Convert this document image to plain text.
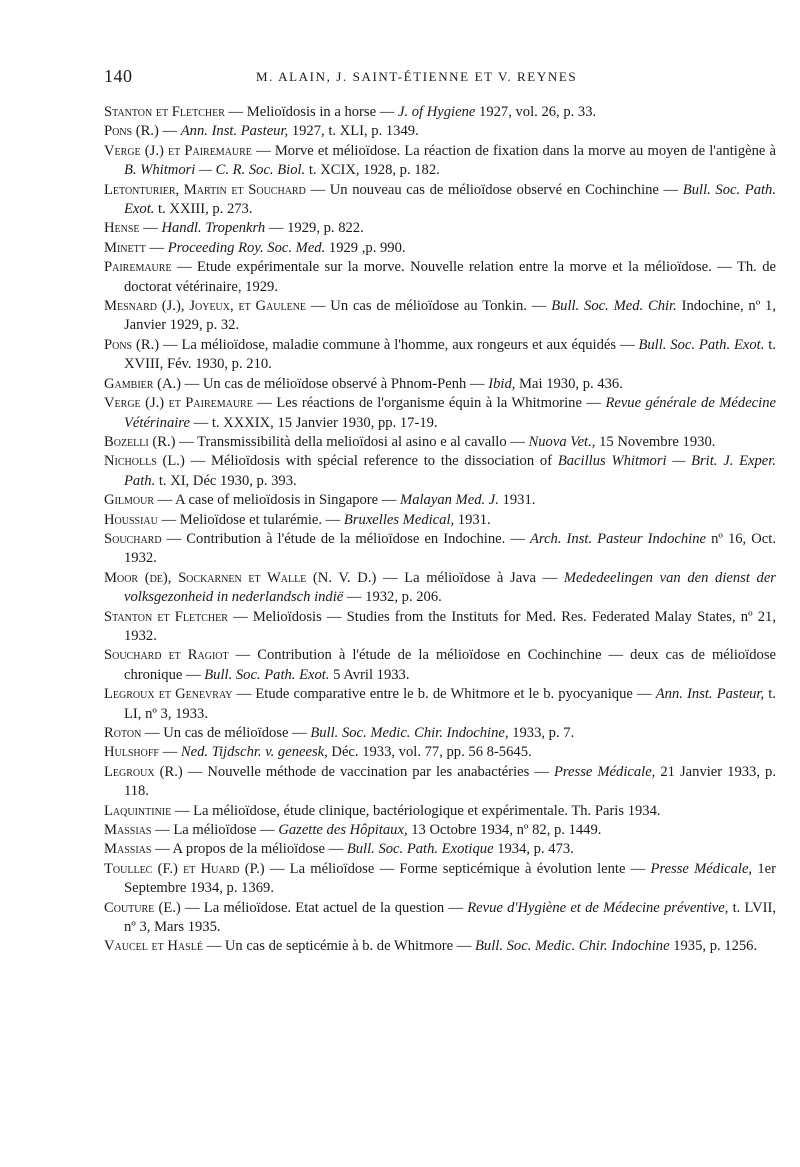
140	M. ALAIN, J. SAINT-ÉTIENNE ET V. REYNES

Stanton et Fletcher — Melioïdosis in a horse — J. of Hygiene 1927, vol. 26, p. 33.

Pons (R.) — Ann. Inst. Pasteur, 1927, t. XLI, p. 1349.

Verge (J.) et Pairemaure — Morve et mélioïdose. La réaction de fixation dans la morve au moyen de l'antigène à B. Whitmori — C. R. Soc. Biol. t. XCIX, 1928, p. 182.

Letonturier, Martin et Souchard — Un nouveau cas de mélioïdose observé en Cochinchine — Bull. Soc. Path. Exot. t. XXIII, p. 273.

Hense — Handl. Tropenkrh — 1929, p. 822.

Minett — Proceeding Roy. Soc. Med. 1929 ,p. 990.

Pairemaure — Etude expérimentale sur la morve. Nouvelle relation entre la morve et la mélioïdose. — Th. de doctorat vétérinaire, 1929.

Mesnard (J.), Joyeux, et Gaulene — Un cas de mélioïdose au Tonkin. — Bull. Soc. Med. Chir. Indochine, nº 1, Janvier 1929, p. 32.

Pons (R.) — La mélioïdose, maladie commune à l'homme, aux rongeurs et aux équidés — Bull. Soc. Path. Exot. t. XVIII, Fév. 1930, p. 210.

Gambier (A.) — Un cas de mélioïdose observé à Phnom-Penh — Ibid, Mai 1930, p. 436.

Verge (J.) et Pairemaure — Les réactions de l'organisme équin à la Whitmorine — Revue générale de Médecine Vétérinaire — t. XXXIX, 15 Janvier 1930, pp. 17-19.

Bozelli (R.) — Transmissibilità della melioïdosi al asino e al cavallo — Nuova Vet., 15 Novembre 1930.

Nicholls (L.) — Mélioïdosis with spécial reference to the dissociation of Bacillus Whitmori — Brit. J. Exper. Path. t. XI, Déc 1930, p. 393.

Gilmour — A case of melioïdosis in Singapore — Malayan Med. J. 1931.

Houssiau — Melioïdose et tularémie. — Bruxelles Medical, 1931.

Souchard — Contribution à l'étude de la mélioïdose en Indochine. — Arch. Inst. Pasteur Indochine nº 16, Oct. 1932.

Moor (de), Sockarnen et Walle (N. V. D.) — La mélioïdose à Java — Mededeelingen van den dienst der volksgezonheid in nederlandsch indië — 1932, p. 206.

Stanton et Fletcher — Melioïdosis — Studies from the Instituts for Med. Res. Federated Malay States, nº 21, 1932.

Souchard et Ragiot — Contribution à l'étude de la mélioïdose en Cochinchine — deux cas de mélioïdose chronique — Bull. Soc. Path. Exot. 5 Avril 1933.

Legroux et Genevray — Etude comparative entre le b. de Whitmore et le b. pyocyanique — Ann. Inst. Pasteur, t. LI, nº 3, 1933.

Roton — Un cas de mélioïdose — Bull. Soc. Medic. Chir. Indochine, 1933, p. 7.

Hulshoff — Ned. Tijdschr. v. geneesk, Déc. 1933, vol. 77, pp. 56 8-5645.

Legroux (R.) — Nouvelle méthode de vaccination par les anabactéries — Presse Médicale, 21 Janvier 1933, p. 118.

Laquintinie — La mélioïdose, étude clinique, bactériologique et expérimentale. Th. Paris 1934.

Massias — La mélioïdose — Gazette des Hôpitaux, 13 Octobre 1934, nº 82, p. 1449.

Massias — A propos de la mélioïdose — Bull. Soc. Path. Exotique 1934, p. 473.

Toullec (F.) et Huard (P.) — La mélioïdose — Forme septicémique à évolution lente — Presse Médicale, 1er Septembre 1934, p. 1369.

Couture (E.) — La mélioïdose. Etat actuel de la question — Revue d'Hygiène et de Médecine préventive, t. LVII, nº 3, Mars 1935.

Vaucel et Haslé — Un cas de septicémie à b. de Whitmore — Bull. Soc. Medic. Chir. Indochine 1935, p. 1256.
